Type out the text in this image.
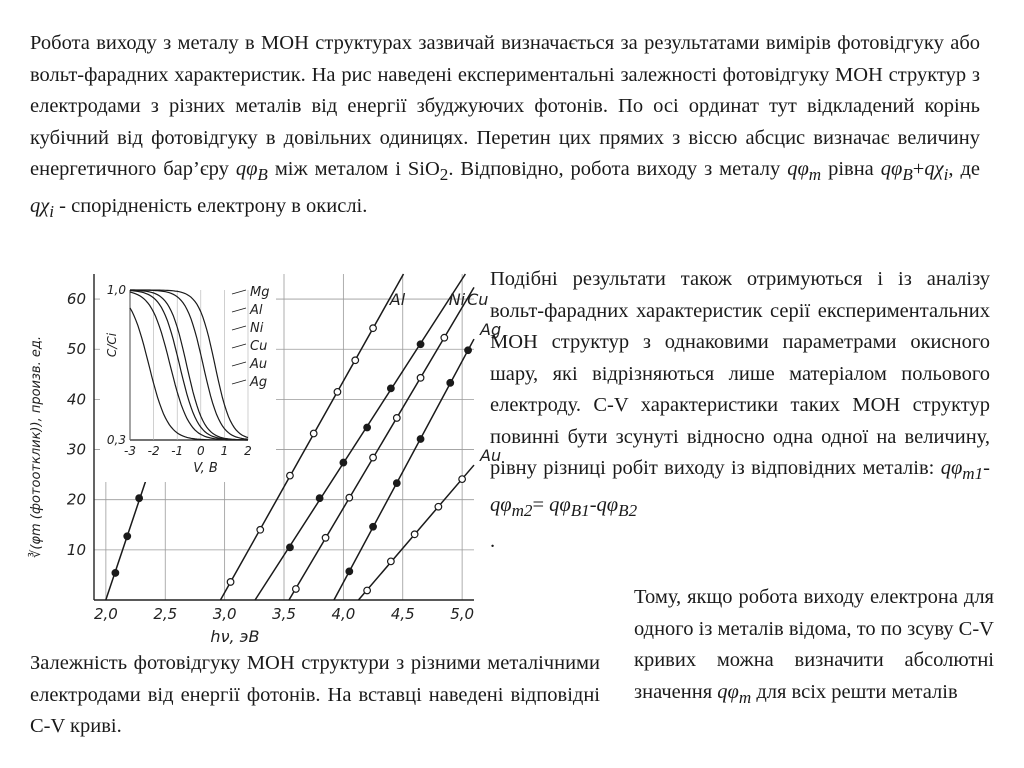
Робота виходу з металу в МОН структурах зазвичай визначається за результатами вимірів фотовідгуку або вольт-фарадних характеристик. На рис наведені експериментальні залежності фотовідгуку МОН структур з електродами з різних металів від енергії збуджуючих фотонів. По осі ординат тут відкладений корінь кубічний від фотовідгуку в довільних одиницях. Перетин цих прямих з віссю абсцис визначає величину енергетичного бар’єру $q\varphi_B$ між металом і SiO$_2$. Відповідно, робота виходу з металу $q\varphi_m$ рівна $q\varphi_B+q\chi_i$, де $q\chi_i$ - спорідненість електрону в окислі.

Подібні результати також отримуються і із аналізу вольт-фарадних характеристик серії експериментальних МОН структур з однаковими параметрами окисного шару, які відрізняються лише матеріалом польового електроду. C-V характеристики таких МОН структур повинні бути зсунуті відносно одна одної на величину, рівну різниці робіт виходу із відповідних металів: $q\varphi_{m1}-q\varphi_{m2}= q\varphi_{B1}-q\varphi_{B2}$
.

Тому, якщо робота виходу електрона для одного із металів відома, то по зсуву C-V кривих можна визначити абсолютні значення $q\varphi_m$ для всіх решти металів

Залежність фотовідгуку МОН структури з різними металічними електродами від енергії фотонів. На вставці наведені відповідні C-V криві.

2,0 2,5 3,0 3,5 4,0 4,5 5,0
10
20
30
40
50
60
hν, эВ
∛(φm (фотоотклик)), произв. ед.
Al	Ni Cu
Ag
Au
-3 -2 -1 0 1 2
0,3
1,0
V, B
C/Ci
Mg
Al
Ni
Cu
Au
Ag
